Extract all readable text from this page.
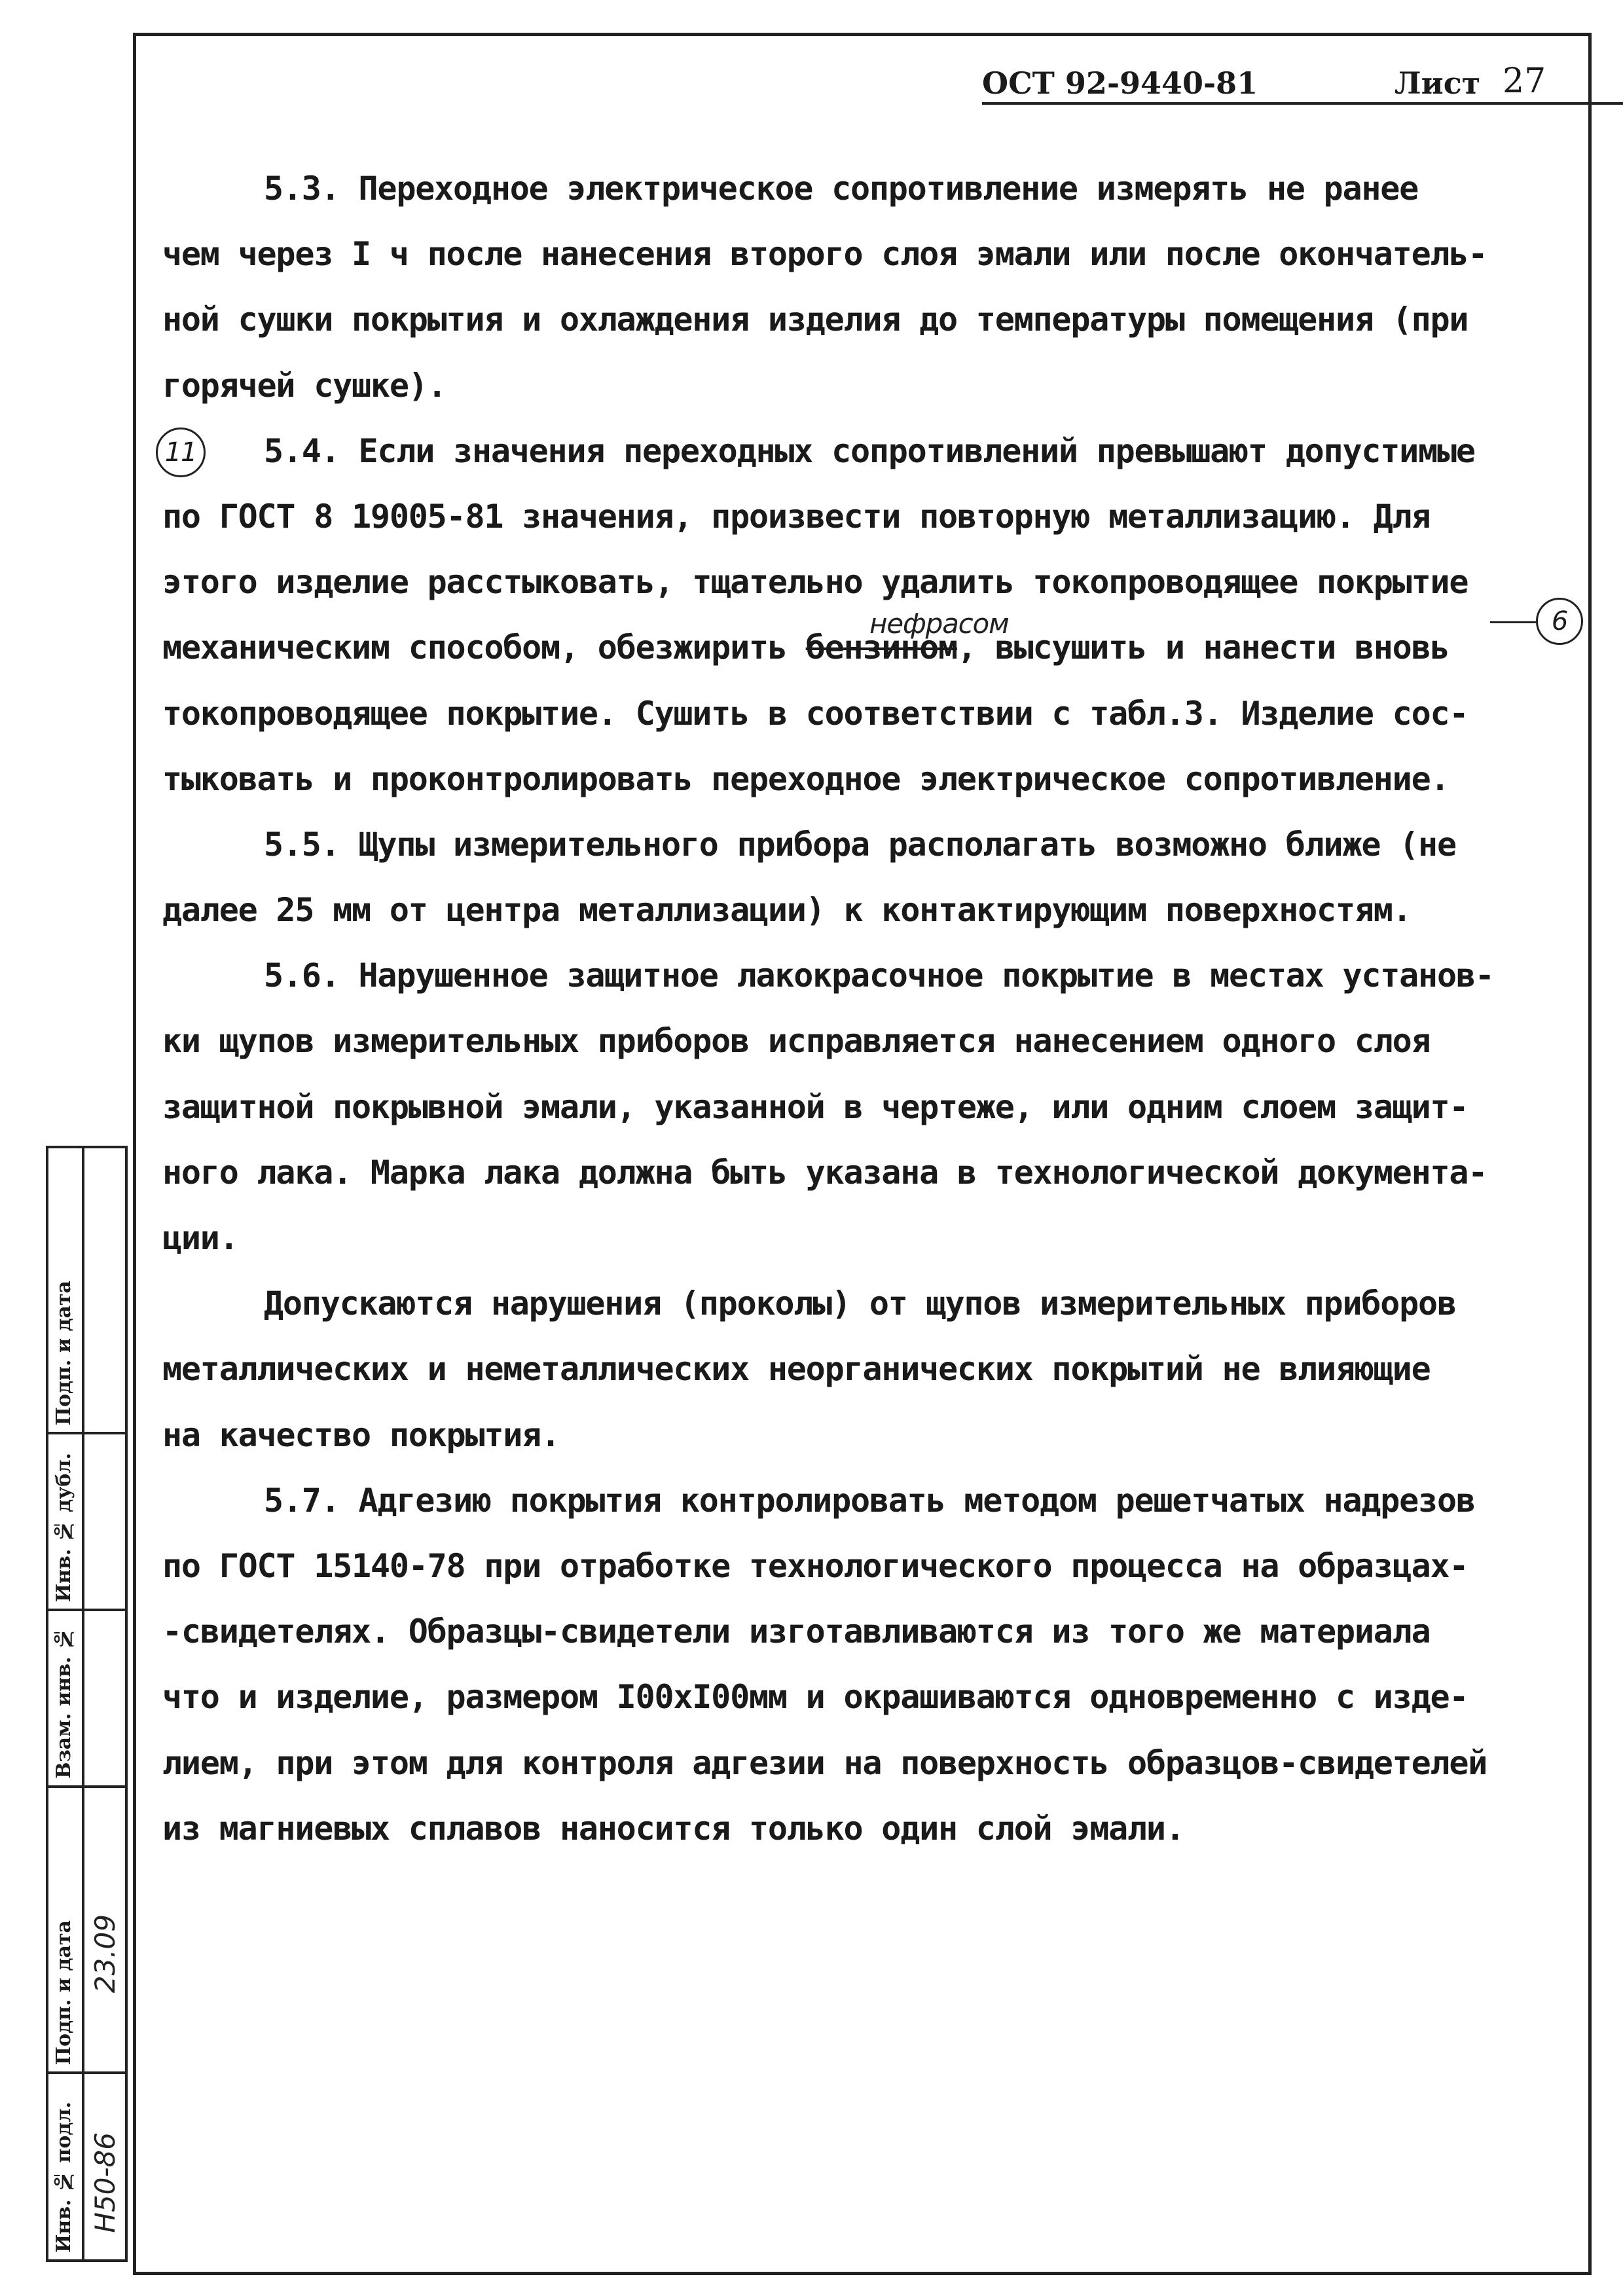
ОСТ 92-9440-81	Лист 27
5.3. Переходное электрическое сопротивление измерять не ранее
чем через I ч после нанесения второго слоя эмали или после окончатель-
ной сушки покрытия и охлаждения изделия до температуры помещения (при
горячей сушке).
11 5.4. Если значения переходных сопротивлений превышают допустимые
по ГОСТ 8 19005-81 значения, произвести повторную металлизацию. Для
этого изделие расстыковать, тщательно удалить токопроводящее покрытие
нефрасом
механическим способом, обезжирить бензином, высушить и нанести вновь
6
токопроводящее покрытие. Сушить в соответствии с табл.3. Изделие сос-
тыковать и проконтролировать переходное электрическое сопротивление.
5.5. Щупы измерительного прибора располагать возможно ближе (не
далее 25 мм от центра металлизации) к контактирующим поверхностям.
5.6. Нарушенное защитное лакокрасочное покрытие в местах установ-
ки щупов измерительных приборов исправляется нанесением одного слоя
защитной покрывной эмали, указанной в чертеже, или одним слоем защит-
ного лака. Марка лака должна быть указана в технологической документа-
ции.
Допускаются нарушения (проколы) от щупов измерительных приборов
металлических и неметаллических неорганических покрытий не влияющие
на качество покрытия.
5.7. Адгезию покрытия контролировать методом решетчатых надрезов
по ГОСТ 15140-78 при отработке технологического процесса на образцах-
-свидетелях. Образцы-свидетели изготавливаются из того же материала
что и изделие, размером I00xI00мм и окрашиваются одновременно с изде-
лием, при этом для контроля адгезии на поверхность образцов-свидетелей
из магниевых сплавов наносится только один слой эмали.
Подп. и дата
Инв. № дубл.
Взам. инв. №
Подп. и дата 23.09
Инв. № подл. Н50-86
